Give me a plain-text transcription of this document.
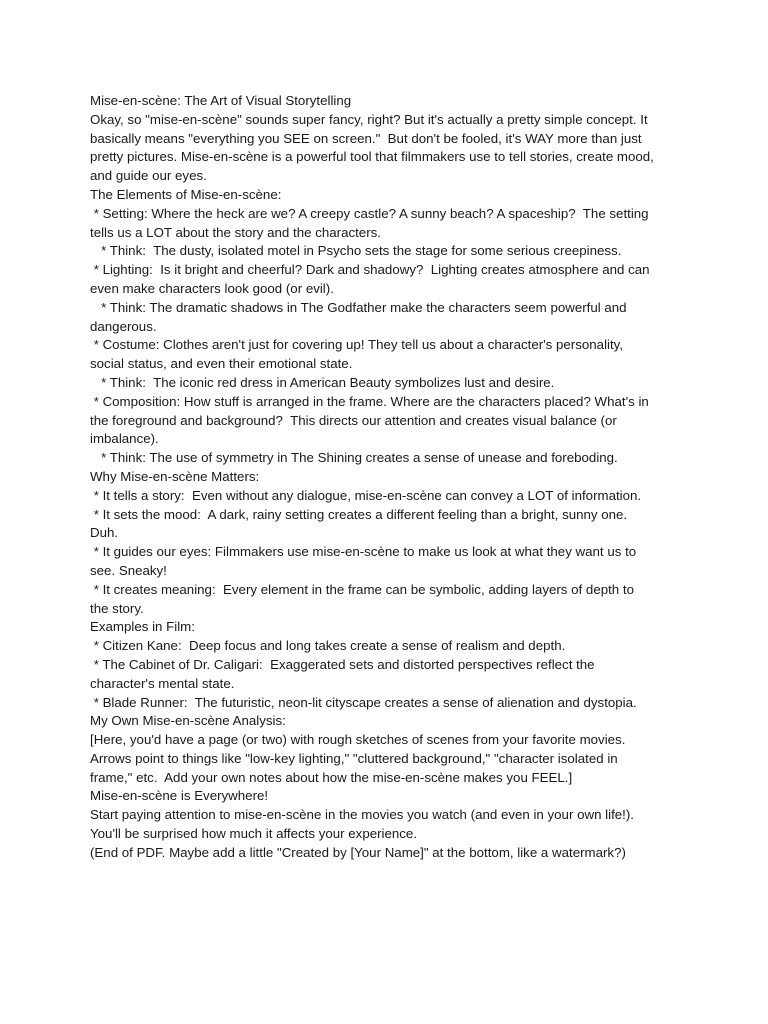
Mise-en-scène: The Art of Visual Storytelling
Okay, so "mise-en-scène" sounds super fancy, right? But it's actually a pretty simple concept. It
basically means "everything you SEE on screen."  But don't be fooled, it's WAY more than just
pretty pictures. Mise-en-scène is a powerful tool that filmmakers use to tell stories, create mood,
and guide our eyes.
The Elements of Mise-en-scène:
* Setting: Where the heck are we? A creepy castle? A sunny beach? A spaceship?  The setting
tells us a LOT about the story and the characters.
* Think:  The dusty, isolated motel in Psycho sets the stage for some serious creepiness.
* Lighting:  Is it bright and cheerful? Dark and shadowy?  Lighting creates atmosphere and can
even make characters look good (or evil).
* Think: The dramatic shadows in The Godfather make the characters seem powerful and
dangerous.
* Costume: Clothes aren't just for covering up! They tell us about a character's personality,
social status, and even their emotional state.
* Think:  The iconic red dress in American Beauty symbolizes lust and desire.
* Composition: How stuff is arranged in the frame. Where are the characters placed? What's in
the foreground and background?  This directs our attention and creates visual balance (or
imbalance).
* Think: The use of symmetry in The Shining creates a sense of unease and foreboding.
Why Mise-en-scène Matters:
* It tells a story:  Even without any dialogue, mise-en-scène can convey a LOT of information.
* It sets the mood:  A dark, rainy setting creates a different feeling than a bright, sunny one.
Duh.
* It guides our eyes: Filmmakers use mise-en-scène to make us look at what they want us to
see. Sneaky!
* It creates meaning:  Every element in the frame can be symbolic, adding layers of depth to
the story.
Examples in Film:
* Citizen Kane:  Deep focus and long takes create a sense of realism and depth.
* The Cabinet of Dr. Caligari:  Exaggerated sets and distorted perspectives reflect the
character's mental state.
* Blade Runner:  The futuristic, neon-lit cityscape creates a sense of alienation and dystopia.
My Own Mise-en-scène Analysis:
[Here, you'd have a page (or two) with rough sketches of scenes from your favorite movies.
Arrows point to things like "low-key lighting," "cluttered background," "character isolated in
frame," etc.  Add your own notes about how the mise-en-scène makes you FEEL.]
Mise-en-scène is Everywhere!
Start paying attention to mise-en-scène in the movies you watch (and even in your own life!).
You'll be surprised how much it affects your experience.
(End of PDF. Maybe add a little "Created by [Your Name]" at the bottom, like a watermark?)
